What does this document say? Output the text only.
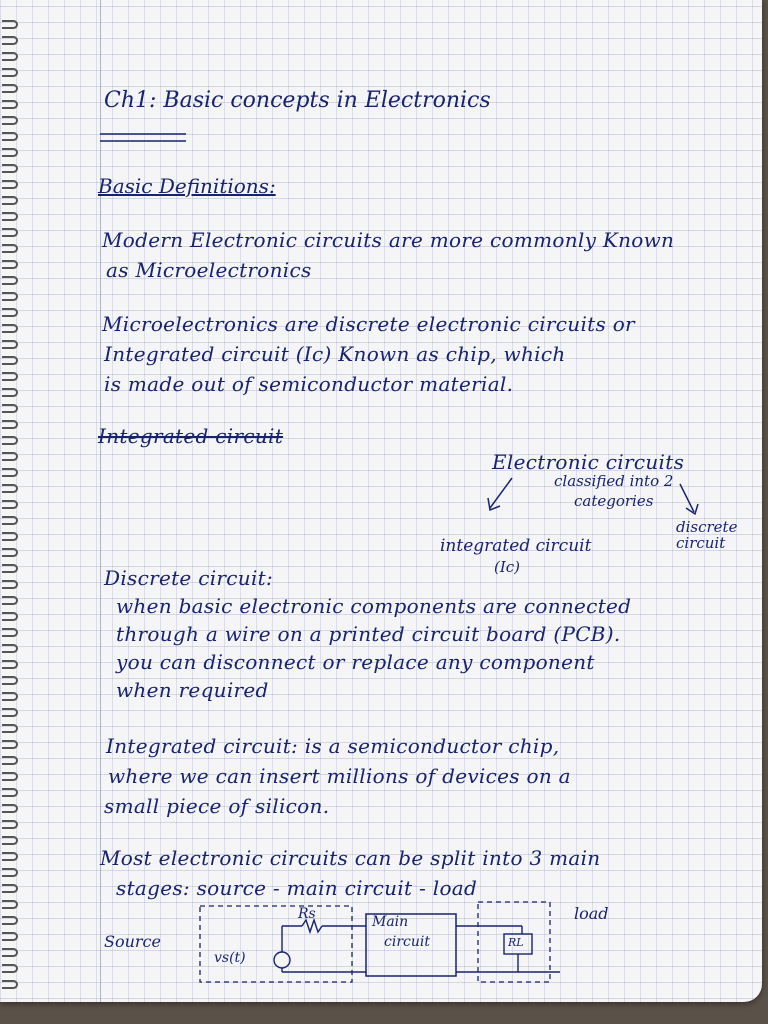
Ch1: Basic concepts in Electronics
Basic Definitions:
Modern Electronic circuits are more commonly Known
as Microelectronics
Microelectronics are discrete electronic circuits or
Integrated circuit (Ic) Known as chip, which
is made out of semiconductor material.
Integrated circuit
Electronic circuits
classified into 2
categories
integrated circuit
(Ic)
discrete
circuit
Discrete circuit:
when basic electronic components are connected
through a wire on a printed circuit board (PCB).
you can disconnect or replace any component
when required
Integrated circuit: is a semiconductor chip,
where we can insert millions of devices on a
small piece of silicon.
Most electronic circuits can be split into 3 main
stages: source - main circuit - load
Source
Rs
vs(t)
Main
circuit
load
RL
